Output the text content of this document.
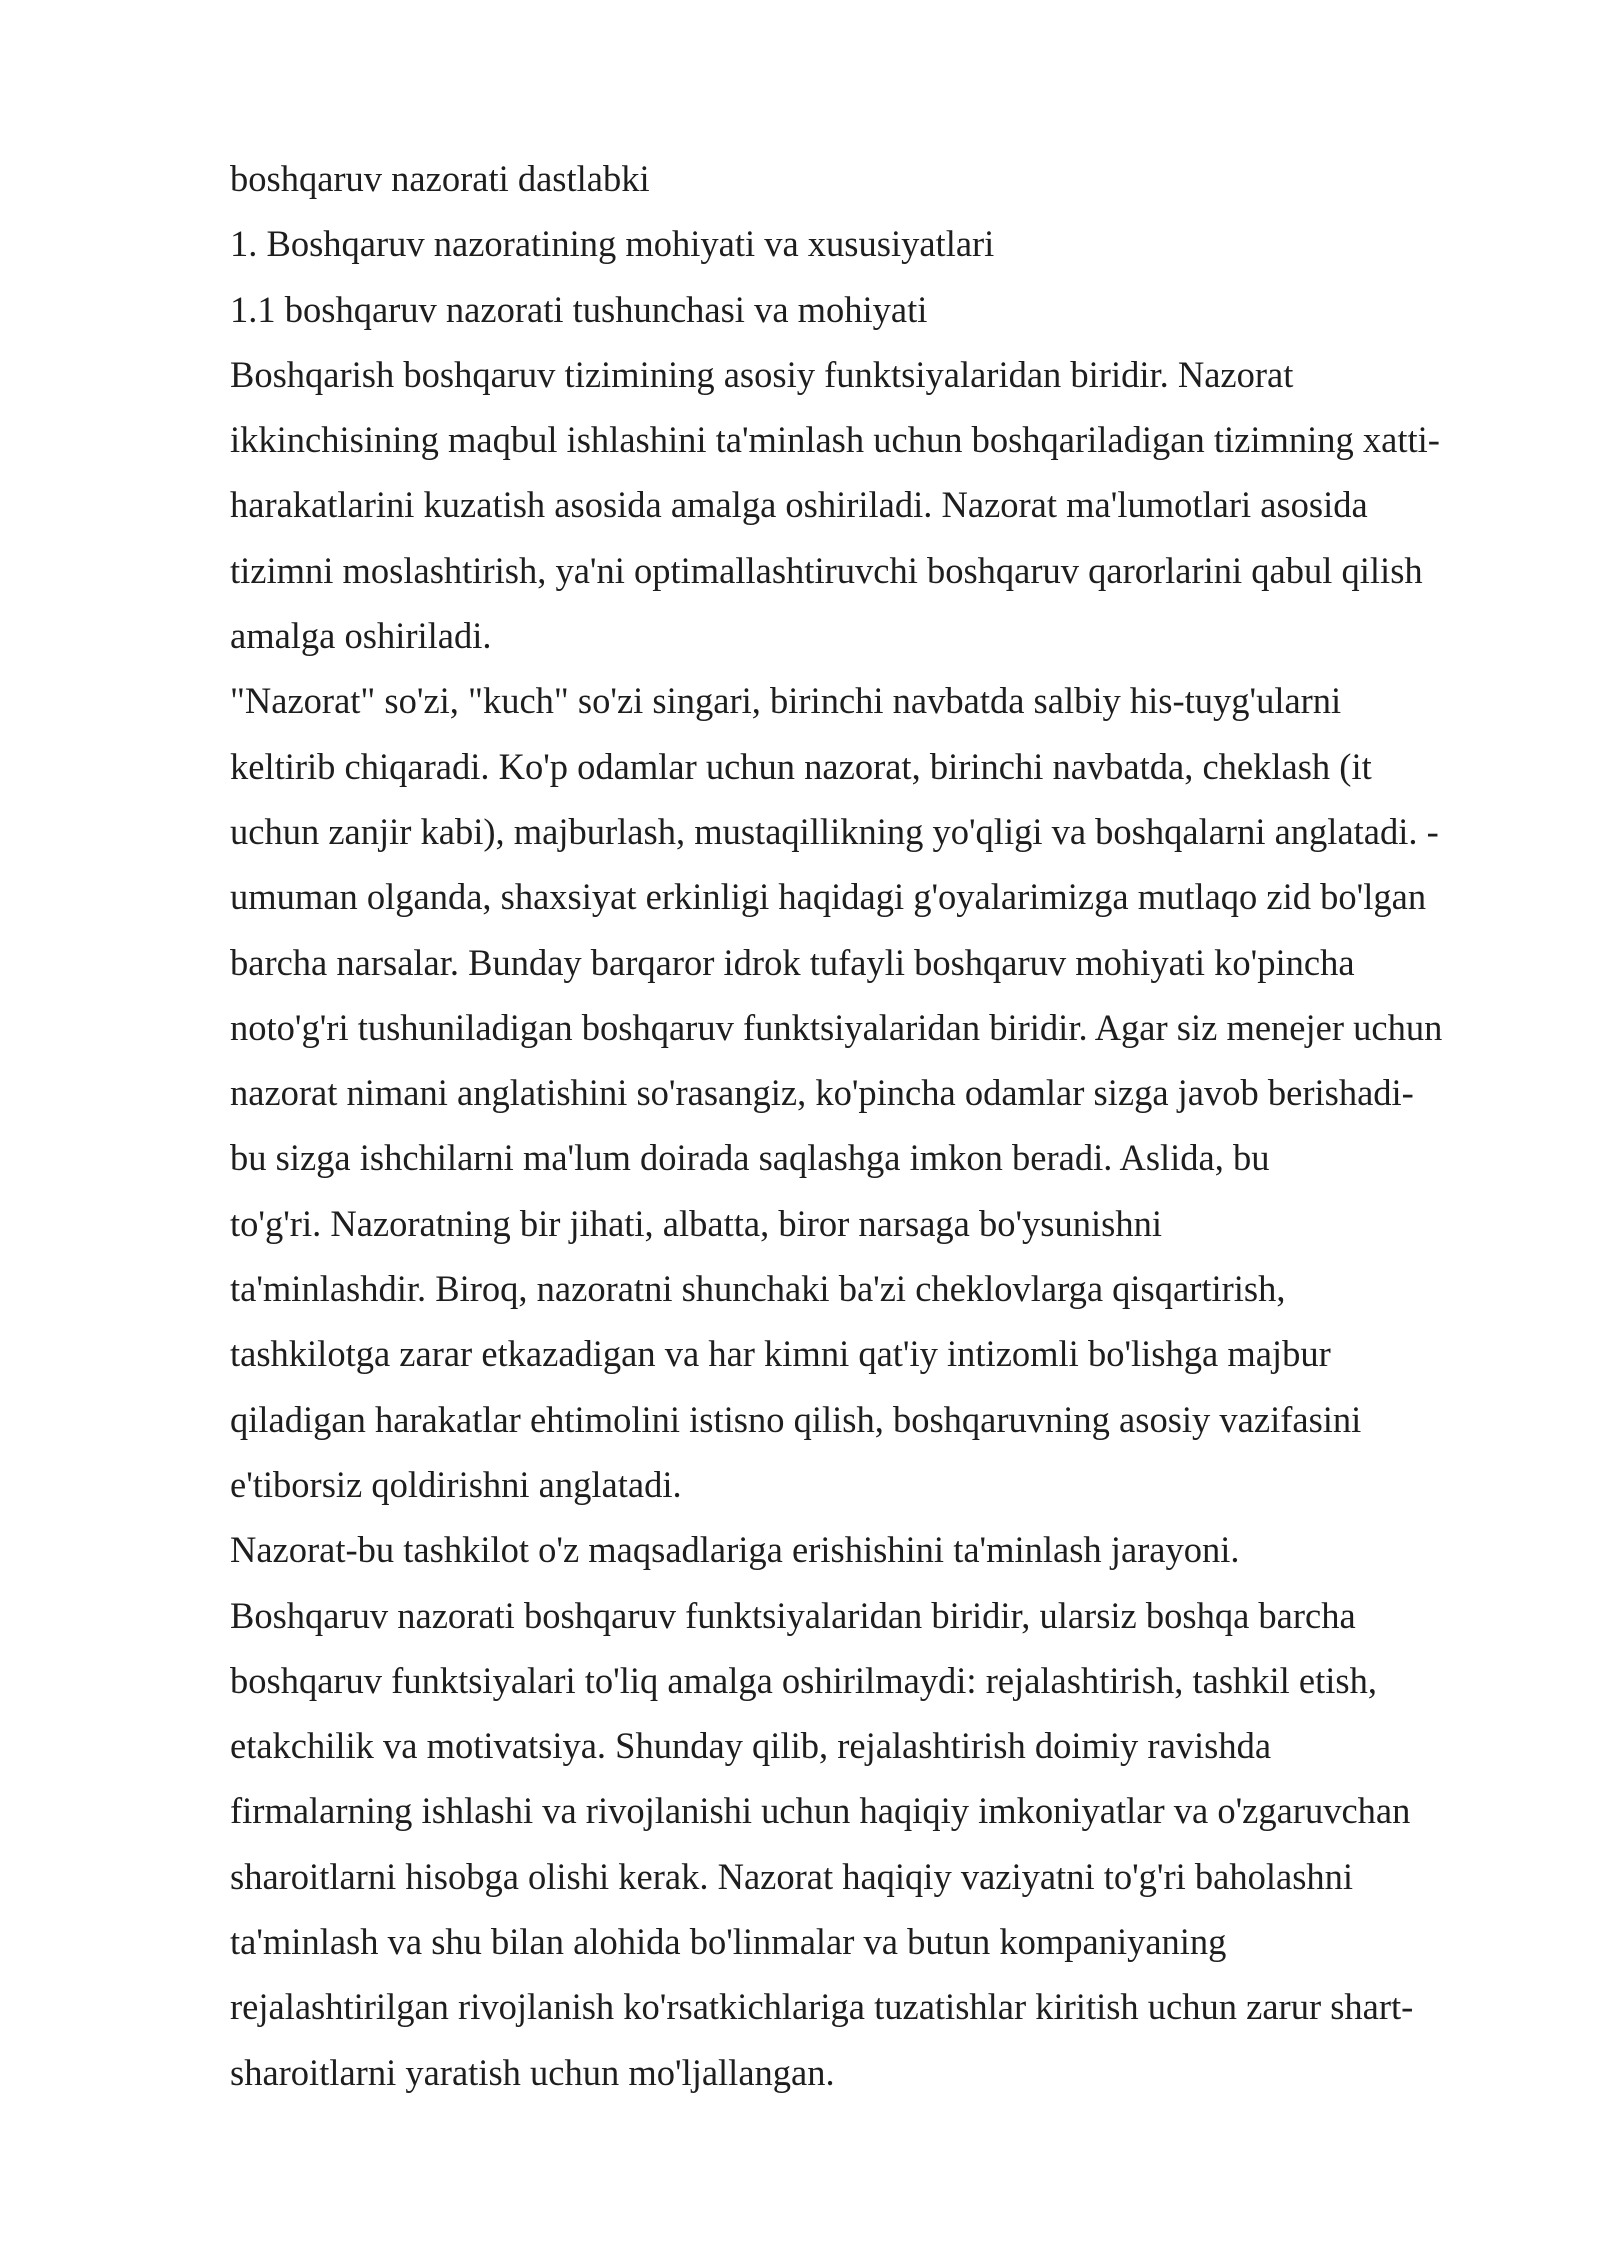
boshqaruv nazorati dastlabki
1. Boshqaruv nazoratining mohiyati va xususiyatlari
1.1 boshqaruv nazorati tushunchasi va mohiyati
Boshqarish boshqaruv tizimining asosiy funktsiyalaridan biridir. Nazorat
ikkinchisining maqbul ishlashini ta'minlash uchun boshqariladigan tizimning xatti-
harakatlarini kuzatish asosida amalga oshiriladi. Nazorat ma'lumotlari asosida
tizimni moslashtirish, ya'ni optimallashtiruvchi boshqaruv qarorlarini qabul qilish
amalga oshiriladi.
"Nazorat" so'zi, "kuch" so'zi singari, birinchi navbatda salbiy his-tuyg'ularni
keltirib chiqaradi. Ko'p odamlar uchun nazorat, birinchi navbatda, cheklash (it
uchun zanjir kabi), majburlash, mustaqillikning yo'qligi va boshqalarni anglatadi. -
umuman olganda, shaxsiyat erkinligi haqidagi g'oyalarimizga mutlaqo zid bo'lgan
barcha narsalar. Bunday barqaror idrok tufayli boshqaruv mohiyati ko'pincha
noto'g'ri tushuniladigan boshqaruv funktsiyalaridan biridir. Agar siz menejer uchun
nazorat nimani anglatishini so'rasangiz, ko'pincha odamlar sizga javob berishadi-
bu sizga ishchilarni ma'lum doirada saqlashga imkon beradi. Aslida, bu
to'g'ri. Nazoratning bir jihati, albatta, biror narsaga bo'ysunishni
ta'minlashdir. Biroq, nazoratni shunchaki ba'zi cheklovlarga qisqartirish,
tashkilotga zarar etkazadigan va har kimni qat'iy intizomli bo'lishga majbur
qiladigan harakatlar ehtimolini istisno qilish, boshqaruvning asosiy vazifasini
e'tiborsiz qoldirishni anglatadi.
Nazorat-bu tashkilot o'z maqsadlariga erishishini ta'minlash jarayoni.
Boshqaruv nazorati boshqaruv funktsiyalaridan biridir, ularsiz boshqa barcha
boshqaruv funktsiyalari to'liq amalga oshirilmaydi: rejalashtirish, tashkil etish,
etakchilik va motivatsiya. Shunday qilib, rejalashtirish doimiy ravishda
firmalarning ishlashi va rivojlanishi uchun haqiqiy imkoniyatlar va o'zgaruvchan
sharoitlarni hisobga olishi kerak. Nazorat haqiqiy vaziyatni to'g'ri baholashni
ta'minlash va shu bilan alohida bo'linmalar va butun kompaniyaning
rejalashtirilgan rivojlanish ko'rsatkichlariga tuzatishlar kiritish uchun zarur shart-
sharoitlarni yaratish uchun mo'ljallangan.
